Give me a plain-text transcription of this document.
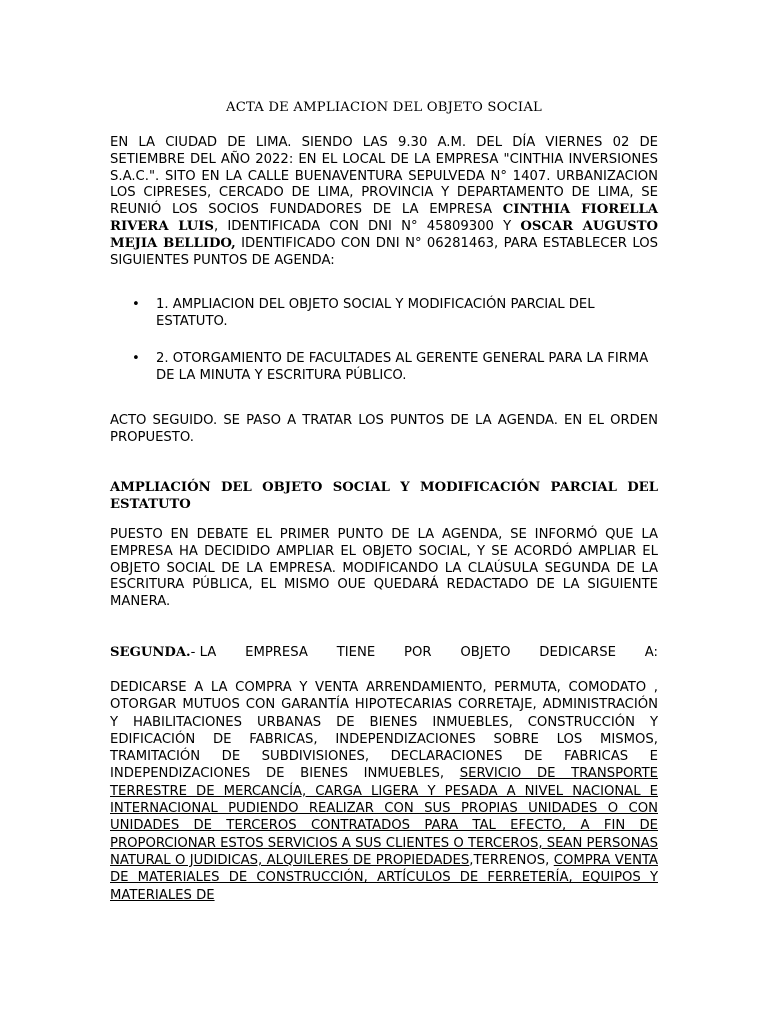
ACTA DE AMPLIACION DEL OBJETO SOCIAL
EN LA CIUDAD DE LIMA. SIENDO LAS 9.30 A.M. DEL DÍA VIERNES 02 DE SETIEMBRE DEL AÑO 2022: EN EL LOCAL DE LA EMPRESA "CINTHIA INVERSIONES S.A.C.". SITO EN LA CALLE BUENAVENTURA SEPULVEDA N° 1407. URBANIZACION LOS CIPRESES, CERCADO DE LIMA, PROVINCIA Y DEPARTAMENTO DE LIMA, SE REUNIÓ LOS SOCIOS FUNDADORES DE LA EMPRESA CINTHIA FIORELLA RIVERA LUIS, IDENTIFICADA CON DNI N° 45809300 Y OSCAR AUGUSTO MEJIA BELLIDO, IDENTIFICADO CON DNI N° 06281463, PARA ESTABLECER LOS SIGUIENTES PUNTOS DE AGENDA:
• 1. AMPLIACION DEL OBJETO SOCIAL Y MODIFICACIÓN PARCIAL DEL ESTATUTO.
• 2. OTORGAMIENTO DE FACULTADES AL GERENTE GENERAL PARA LA FIRMA DE LA MINUTA Y ESCRITURA PÚBLICO.
ACTO SEGUIDO. SE PASO A TRATAR LOS PUNTOS DE LA AGENDA. EN EL ORDEN PROPUESTO.
AMPLIACIÓN DEL OBJETO SOCIAL Y MODIFICACIÓN PARCIAL DEL ESTATUTO
PUESTO EN DEBATE EL PRIMER PUNTO DE LA AGENDA, SE INFORMÓ QUE LA EMPRESA HA DECIDIDO AMPLIAR EL OBJETO SOCIAL, Y SE ACORDÓ AMPLIAR EL OBJETO SOCIAL DE LA EMPRESA. MODIFICANDO LA CLAÚSULA SEGUNDA DE LA ESCRITURA PÚBLICA, EL MISMO OUE QUEDARÁ REDACTADO DE LA SIGUIENTE MANERA.
SEGUNDA.- LA EMPRESA TIENE POR OBJETO DEDICARSE A:
DEDICARSE A LA COMPRA Y VENTA ARRENDAMIENTO, PERMUTA, COMODATO , OTORGAR MUTUOS CON GARANTÍA HIPOTECARIAS CORRETAJE, ADMINISTRACIÓN Y HABILITACIONES URBANAS DE BIENES INMUEBLES, CONSTRUCCIÓN Y EDIFICACIÓN DE FABRICAS, INDEPENDIZACIONES SOBRE LOS MISMOS, TRAMITACIÓN DE SUBDIVISIONES, DECLARACIONES DE FABRICAS E INDEPENDIZACIONES DE BIENES INMUEBLES, SERVICIO DE TRANSPORTE TERRESTRE DE MERCANCÍA, CARGA LIGERA Y PESADA A NIVEL NACIONAL E INTERNACIONAL PUDIENDO REALIZAR CON SUS PROPIAS UNIDADES O CON UNIDADES DE TERCEROS CONTRATADOS PARA TAL EFECTO, A FIN DE PROPORCIONAR ESTOS SERVICIOS A SUS CLIENTES O TERCEROS, SEAN PERSONAS NATURAL O JUDIDICAS, ALQUILERES DE PROPIEDADES,TERRENOS, COMPRA VENTA DE MATERIALES DE CONSTRUCCIÓN, ARTÍCULOS DE FERRETERÍA, EQUIPOS Y MATERIALES DE
